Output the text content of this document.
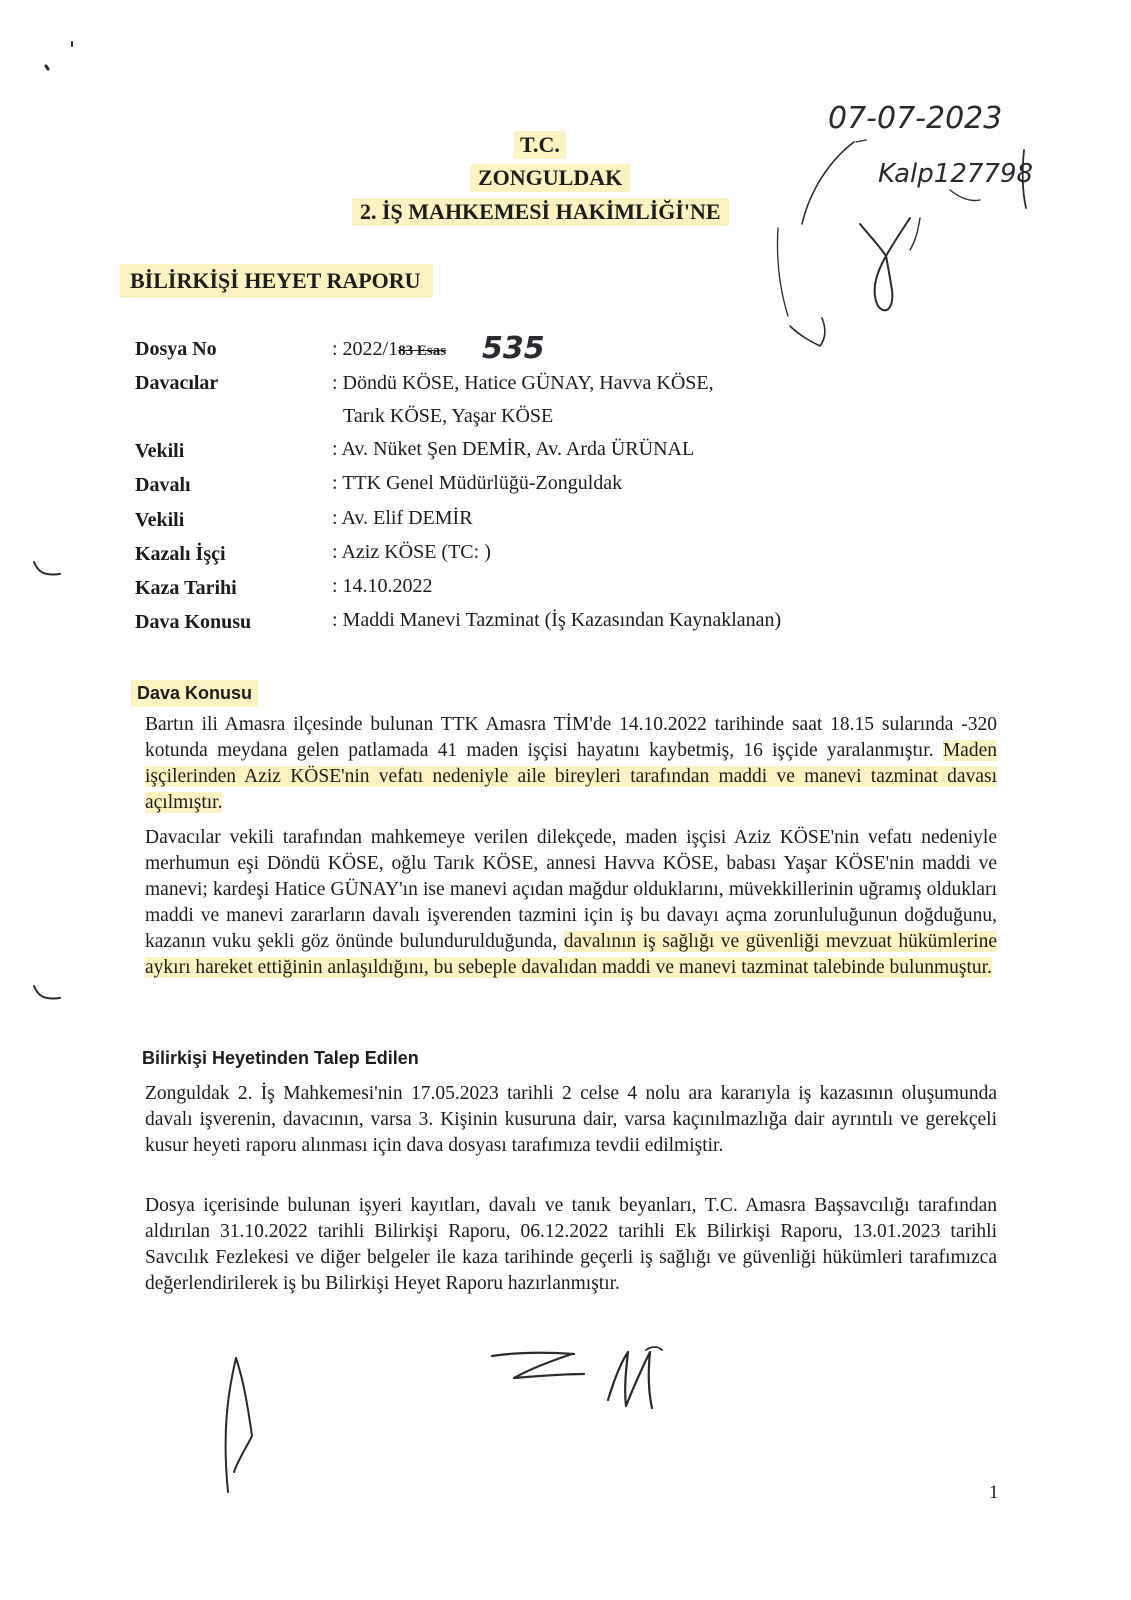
T.C.
ZONGULDAK
2. İŞ MAHKEMESİ HAKİMLİĞİ'NE
BİLİRKİŞİ HEYET RAPORU
07-07-2023
Kalp127798
Dosya No	: 2022/183 Esas 535
Davacılar	: Döndü KÖSE, Hatice GÜNAY, Havva KÖSE,
Tarık KÖSE, Yaşar KÖSE
Vekili	: Av. Nüket Şen DEMİR, Av. Arda ÜRÜNAL
Davalı	: TTK Genel Müdürlüğü-Zonguldak
Vekili	: Av. Elif DEMİR
Kazalı İşçi	: Aziz KÖSE (TC: )
Kaza Tarihi	: 14.10.2022
Dava Konusu	: Maddi Manevi Tazminat (İş Kazasından Kaynaklanan)
Dava Konusu

Bartın ili Amasra ilçesinde bulunan TTK Amasra TİM'de 14.10.2022 tarihinde saat 18.15 sularında -320 kotunda meydana gelen patlamada 41 maden işçisi hayatını kaybetmiş, 16 işçide yaralanmıştır. Maden işçilerinden Aziz KÖSE'nin vefatı nedeniyle aile bireyleri tarafından maddi ve manevi tazminat davası açılmıştır.

Davacılar vekili tarafından mahkemeye verilen dilekçede, maden işçisi Aziz KÖSE'nin vefatı nedeniyle merhumun eşi Döndü KÖSE, oğlu Tarık KÖSE, annesi Havva KÖSE, babası Yaşar KÖSE'nin maddi ve manevi; kardeşi Hatice GÜNAY'ın ise manevi açıdan mağdur olduklarını, müvekkillerinin uğramış oldukları maddi ve manevi zararların davalı işverenden tazmini için iş bu davayı açma zorunluluğunun doğduğunu, kazanın vuku şekli göz önünde bulundurulduğunda, davalının iş sağlığı ve güvenliği mevzuat hükümlerine aykırı hareket ettiğinin anlaşıldığını, bu sebeple davalıdan maddi ve manevi tazminat talebinde bulunmuştur.

Bilirkişi Heyetinden Talep Edilen

Zonguldak 2. İş Mahkemesi'nin 17.05.2023 tarihli 2 celse 4 nolu ara kararıyla iş kazasının oluşumunda davalı işverenin, davacının, varsa 3. Kişinin kusuruna dair, varsa kaçınılmazlığa dair ayrıntılı ve gerekçeli kusur heyeti raporu alınması için dava dosyası tarafımıza tevdii edilmiştir.

Dosya içerisinde bulunan işyeri kayıtları, davalı ve tanık beyanları, T.C. Amasra Başsavcılığı tarafından aldırılan 31.10.2022 tarihli Bilirkişi Raporu, 06.12.2022 tarihli Ek Bilirkişi Raporu, 13.01.2023 tarihli Savcılık Fezlekesi ve diğer belgeler ile kaza tarihinde geçerli iş sağlığı ve güvenliği hükümleri tarafımızca değerlendirilerek iş bu Bilirkişi Heyet Raporu hazırlanmıştır.

1
